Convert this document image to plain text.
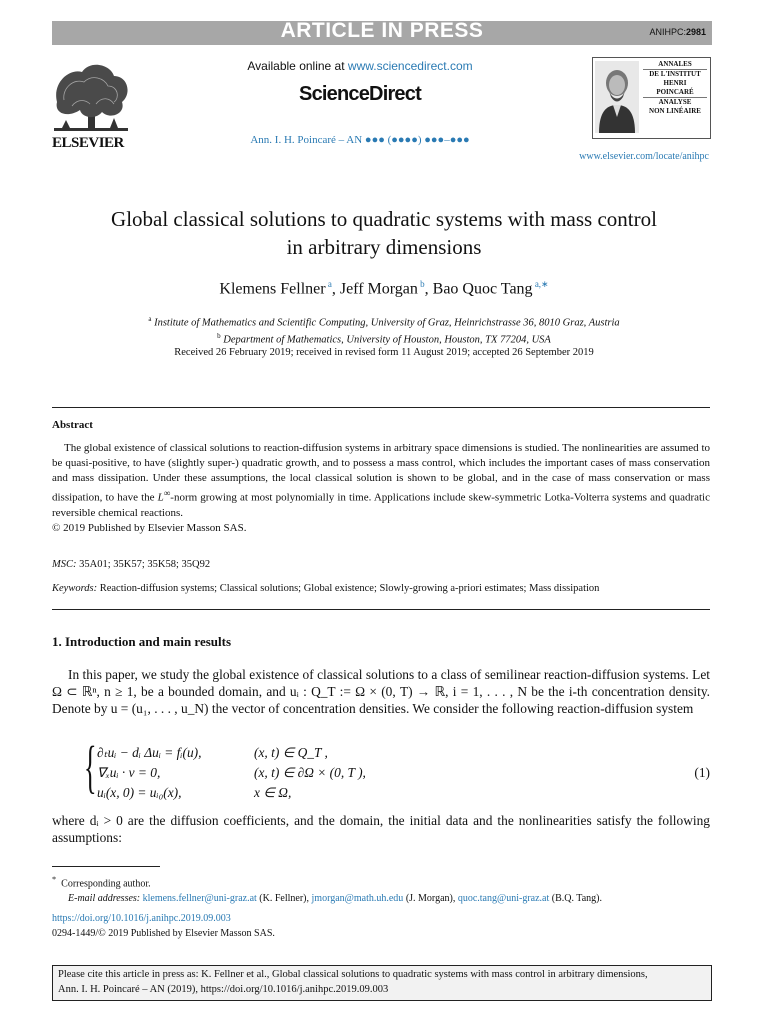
ARTICLE IN PRESS	ANIHPC:2981
ELSEVIER
Available online at www.sciencedirect.com
ScienceDirect
Ann. I. H. Poincaré – AN ●●● (●●●●) ●●●–●●●
ANNALES
DE L'INSTITUT
HENRI
POINCARÉ
ANALYSE
NON LINÉAIRE
www.elsevier.com/locate/anihpc
Global classical solutions to quadratic systems with mass control
in arbitrary dimensions
Klemens Fellner $^a$, Jeff Morgan $^b$, Bao Quoc Tang $^{a,∗}$
$^a$ Institute of Mathematics and Scientific Computing, University of Graz, Heinrichstrasse 36, 8010 Graz, Austria
$^b$ Department of Mathematics, University of Houston, Houston, TX 77204, USA
Received 26 February 2019; received in revised form 11 August 2019; accepted 26 September 2019
Abstract

The global existence of classical solutions to reaction-diffusion systems in arbitrary space dimensions is studied. The nonlinearities are assumed to be quasi-positive, to have (slightly super-) quadratic growth, and to possess a mass control, which includes the important cases of mass conservation and mass dissipation. Under these assumptions, the local classical solution is shown to be global, and in the case of mass conservation or mass dissipation, to have the L∞-norm growing at most polynomially in time. Applications include skew-symmetric Lotka-Volterra systems and quadratic reversible chemical reactions.

© 2019 Published by Elsevier Masson SAS.

MSC: 35A01; 35K57; 35K58; 35Q92
Keywords: Reaction-diffusion systems; Classical solutions; Global existence; Slowly-growing a-priori estimates; Mass dissipation
1. Introduction and main results

In this paper, we study the global existence of classical solutions to a class of semilinear reaction-diffusion systems. Let Ω ⊂ ℝⁿ, n ≥ 1, be a bounded domain, and uᵢ : Q_T := Ω × (0, T) → ℝ, i = 1, . . . , N be the i-th concentration density. Denote by u = (u₁, . . . , u_N) the vector of concentration densities. We consider the following reaction-diffusion system

{ ∂ₜuᵢ − dᵢ Δuᵢ = fᵢ(u),
∇ₓuᵢ · ν = 0,
uᵢ(x, 0) = uᵢ₀(x),
(x, t) ∈ Q_T ,
(x, t) ∈ ∂Ω × (0, T ),
x ∈ Ω,
(1)
where dᵢ > 0 are the diffusion coefficients, and the domain, the initial data and the nonlinearities satisfy the following assumptions:
* Corresponding author.
E-mail addresses: klemens.fellner@uni-graz.at (K. Fellner), jmorgan@math.uh.edu (J. Morgan), quoc.tang@uni-graz.at (B.Q. Tang).
https://doi.org/10.1016/j.anihpc.2019.09.003
0294-1449/© 2019 Published by Elsevier Masson SAS.
Please cite this article in press as: K. Fellner et al., Global classical solutions to quadratic systems with mass control in arbitrary dimensions,
Ann. I. H. Poincaré – AN (2019), https://doi.org/10.1016/j.anihpc.2019.09.003
